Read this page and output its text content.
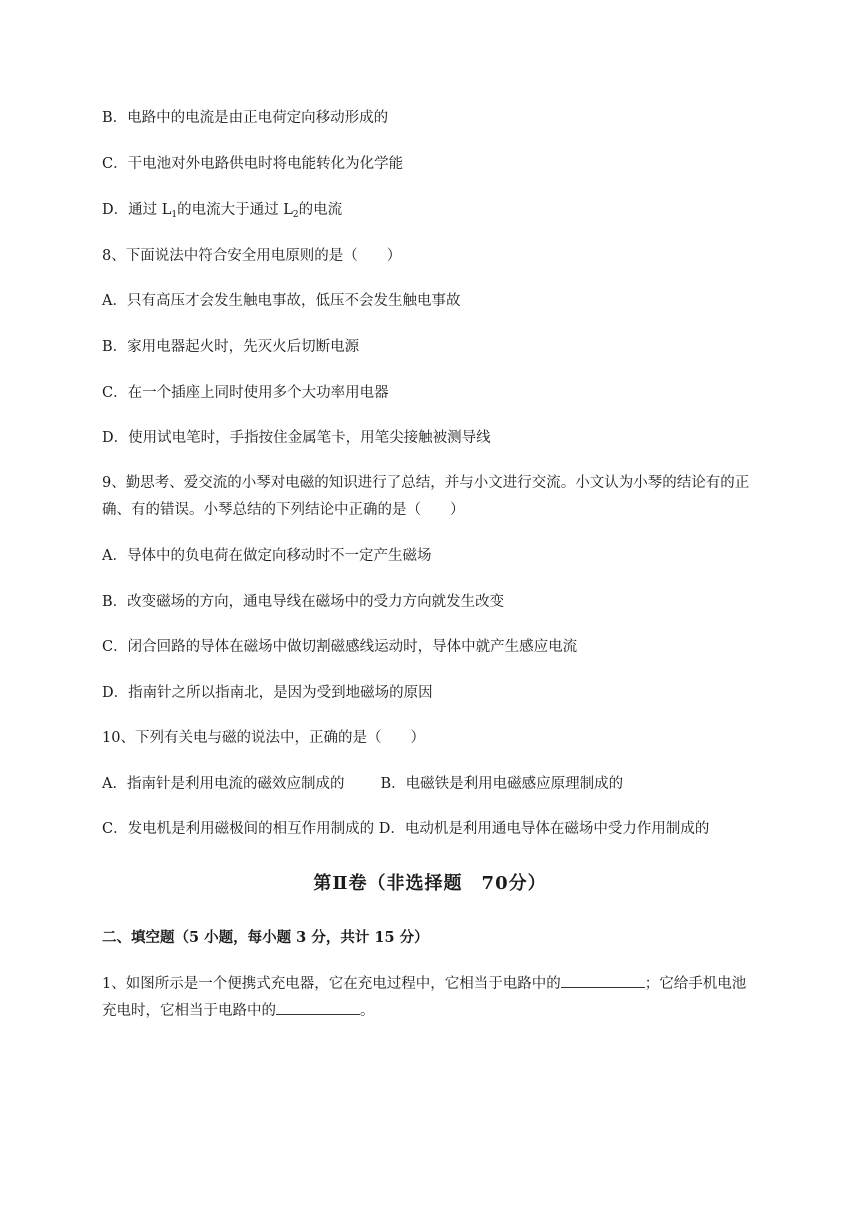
B．电路中的电流是由正电荷定向移动形成的
C．干电池对外电路供电时将电能转化为化学能
D．通过 $L_1$的电流大于通过 $L_2$的电流
8、下面说法中符合安全用电原则的是（　　）
A．只有高压才会发生触电事故，低压不会发生触电事故
B．家用电器起火时，先灭火后切断电源
C．在一个插座上同时使用多个大功率用电器
D．使用试电笔时，手指按住金属笔卡，用笔尖接触被测导线
9、勤思考、爱交流的小琴对电磁的知识进行了总结，并与小文进行交流。小文认为小琴的结论有的正
确、有的错误。小琴总结的下列结论中正确的是（　　）
A．导体中的负电荷在做定向移动时不一定产生磁场
B．改变磁场的方向，通电导线在磁场中的受力方向就发生改变
C．闭合回路的导体在磁场中做切割磁感线运动时，导体中就产生感应电流
D．指南针之所以指南北，是因为受到地磁场的原因
10、下列有关电与磁的说法中，正确的是（　　）
A．指南针是利用电流的磁效应制成的 B．电磁铁是利用电磁感应原理制成的
C．发电机是利用磁极间的相互作用制成的 D．电动机是利用通电导体在磁场中受力作用制成的
第Ⅱ卷（非选择题　70分）
二、填空题（5 小题，每小题 3 分，共计 15 分）
1、如图所示是一个便携式充电器，它在充电过程中，它相当于电路中的	；它给手机电池
充电时，它相当于电路中的	。
